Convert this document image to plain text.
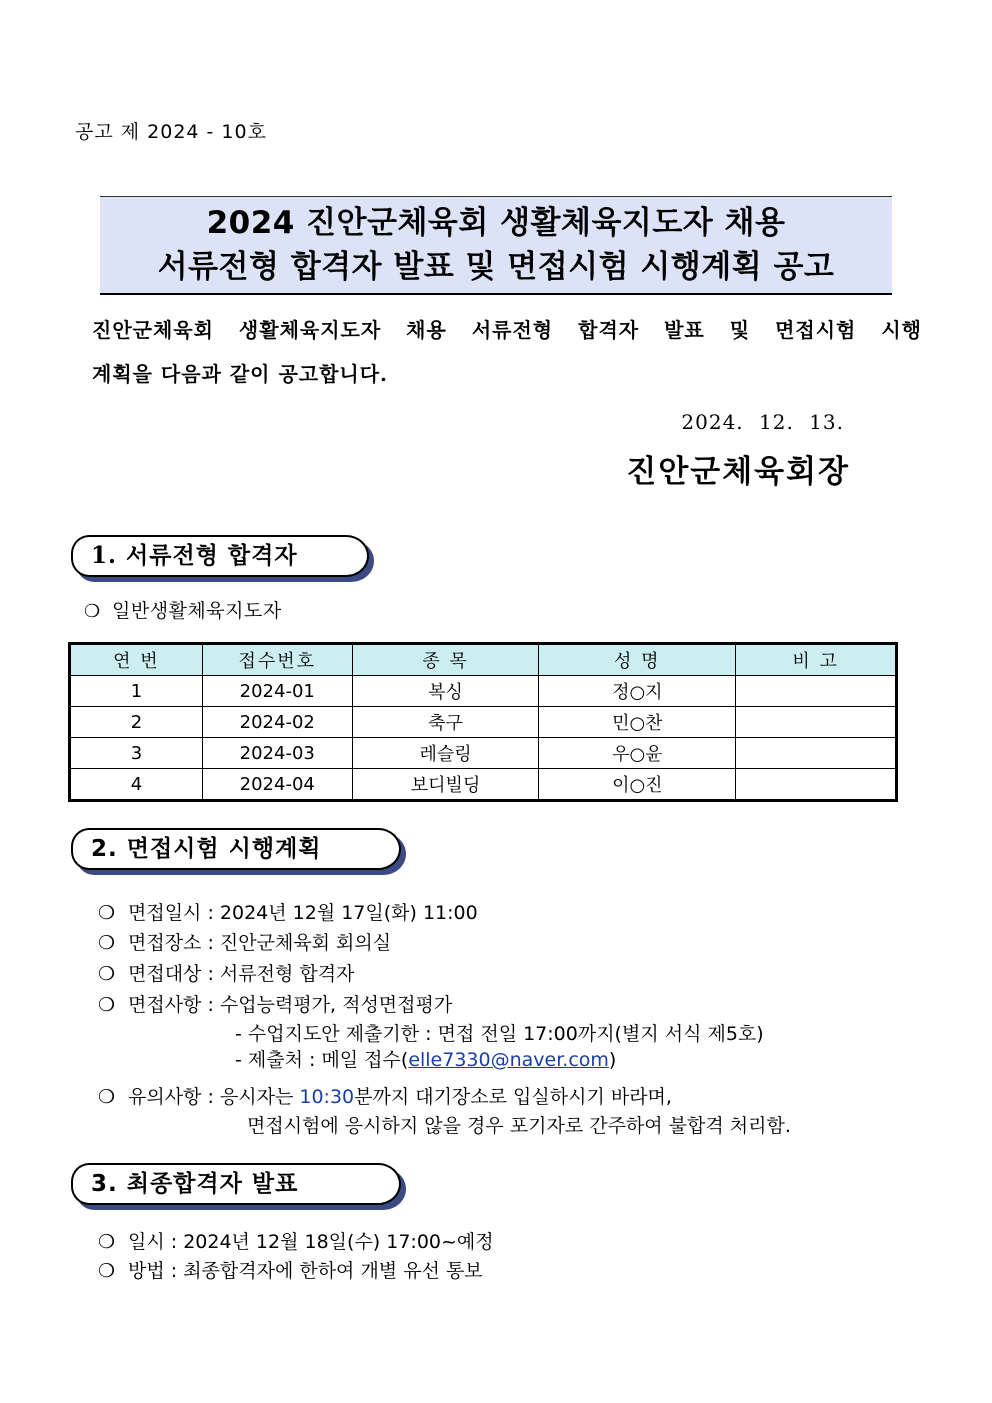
공고 제 2024 - 10호
2024 진안군체육회 생활체육지도자 채용
서류전형 합격자 발표 및 면접시험 시행계획 공고
진안군체육회 생활체육지도자 채용 서류전형 합격자 발표 및 면접시험 시행
계획을 다음과 같이 공고합니다.
2024. 12. 13.
진안군체육회장
1. 서류전형 합격자
❍ 일반생활체육지도자
연 번	접수번호	종 목	성 명	비 고
1	2024-01	복싱	정○지	
2	2024-02	축구	민○찬	
3	2024-03	레슬링	우○윤	
4	2024-04	보디빌딩	이○진	
2. 면접시험 시행계획
❍ 면접일시 : 2024년 12월 17일(화) 11:00
❍ 면접장소 : 진안군체육회 회의실
❍ 면접대상 : 서류전형 합격자
❍ 면접사항 : 수업능력평가, 적성면접평가
- 수업지도안 제출기한 : 면접 전일 17:00까지(별지 서식 제5호)
- 제출처 : 메일 접수(elle7330@naver.com)
❍ 유의사항 : 응시자는 10:30분까지 대기장소로 입실하시기 바라며,
면접시험에 응시하지 않을 경우 포기자로 간주하여 불합격 처리함.
3. 최종합격자 발표
❍ 일시 : 2024년 12월 18일(수) 17:00~예정
❍ 방법 : 최종합격자에 한하여 개별 유선 통보
